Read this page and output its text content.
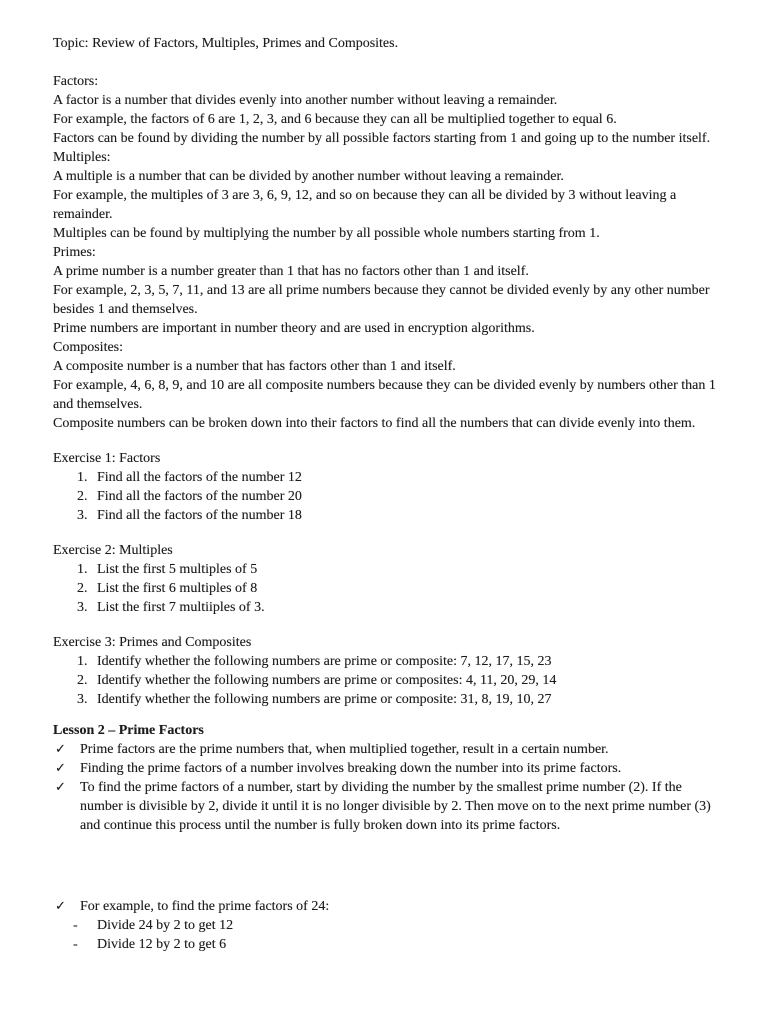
Topic: Review of Factors, Multiples, Primes and Composites.

Factors:

A factor is a number that divides evenly into another number without leaving a remainder.

For example, the factors of 6 are 1, 2, 3, and 6 because they can all be multiplied together to equal 6.

Factors can be found by dividing the number by all possible factors starting from 1 and going up to the number itself.

Multiples:

A multiple is a number that can be divided by another number without leaving a remainder.

For example, the multiples of 3 are 3, 6, 9, 12, and so on because they can all be divided by 3 without leaving a remainder.

Multiples can be found by multiplying the number by all possible whole numbers starting from 1.

Primes:

A prime number is a number greater than 1 that has no factors other than 1 and itself.

For example, 2, 3, 5, 7, 11, and 13 are all prime numbers because they cannot be divided evenly by any other number besides 1 and themselves.

Prime numbers are important in number theory and are used in encryption algorithms.

Composites:

A composite number is a number that has factors other than 1 and itself.

For example, 4, 6, 8, 9, and 10 are all composite numbers because they can be divided evenly by numbers other than 1 and themselves.

Composite numbers can be broken down into their factors to find all the numbers that can divide evenly into them.

Exercise 1: Factors

1. Find all the factors of the number 12
2. Find all the factors of the number 20
3. Find all the factors of the number 18

Exercise 2: Multiples

1. List the first 5 multiples of 5
2. List the first 6 multiples of 8
3. List the first 7 multiiples of 3.

Exercise 3: Primes and Composites

1. Identify whether the following numbers are prime or composite: 7, 12, 17, 15, 23
2. Identify whether the following numbers are prime or composites: 4, 11, 20, 29, 14
3. Identify whether the following numbers are prime or composite: 31, 8, 19, 10, 27

Lesson 2 – Prime Factors

✓	Prime factors are the prime numbers that, when multiplied together, result in a certain number.
✓	Finding the prime factors of a number involves breaking down the number into its prime factors.
✓	To find the prime factors of a number, start by dividing the number by the smallest prime number (2). If the number is divisible by 2, divide it until it is no longer divisible by 2. Then move on to the next prime number (3) and continue this process until the number is fully broken down into its prime factors.
✓	For example, to find the prime factors of 24:
-	Divide 24 by 2 to get 12
-	Divide 12 by 2 to get 6
